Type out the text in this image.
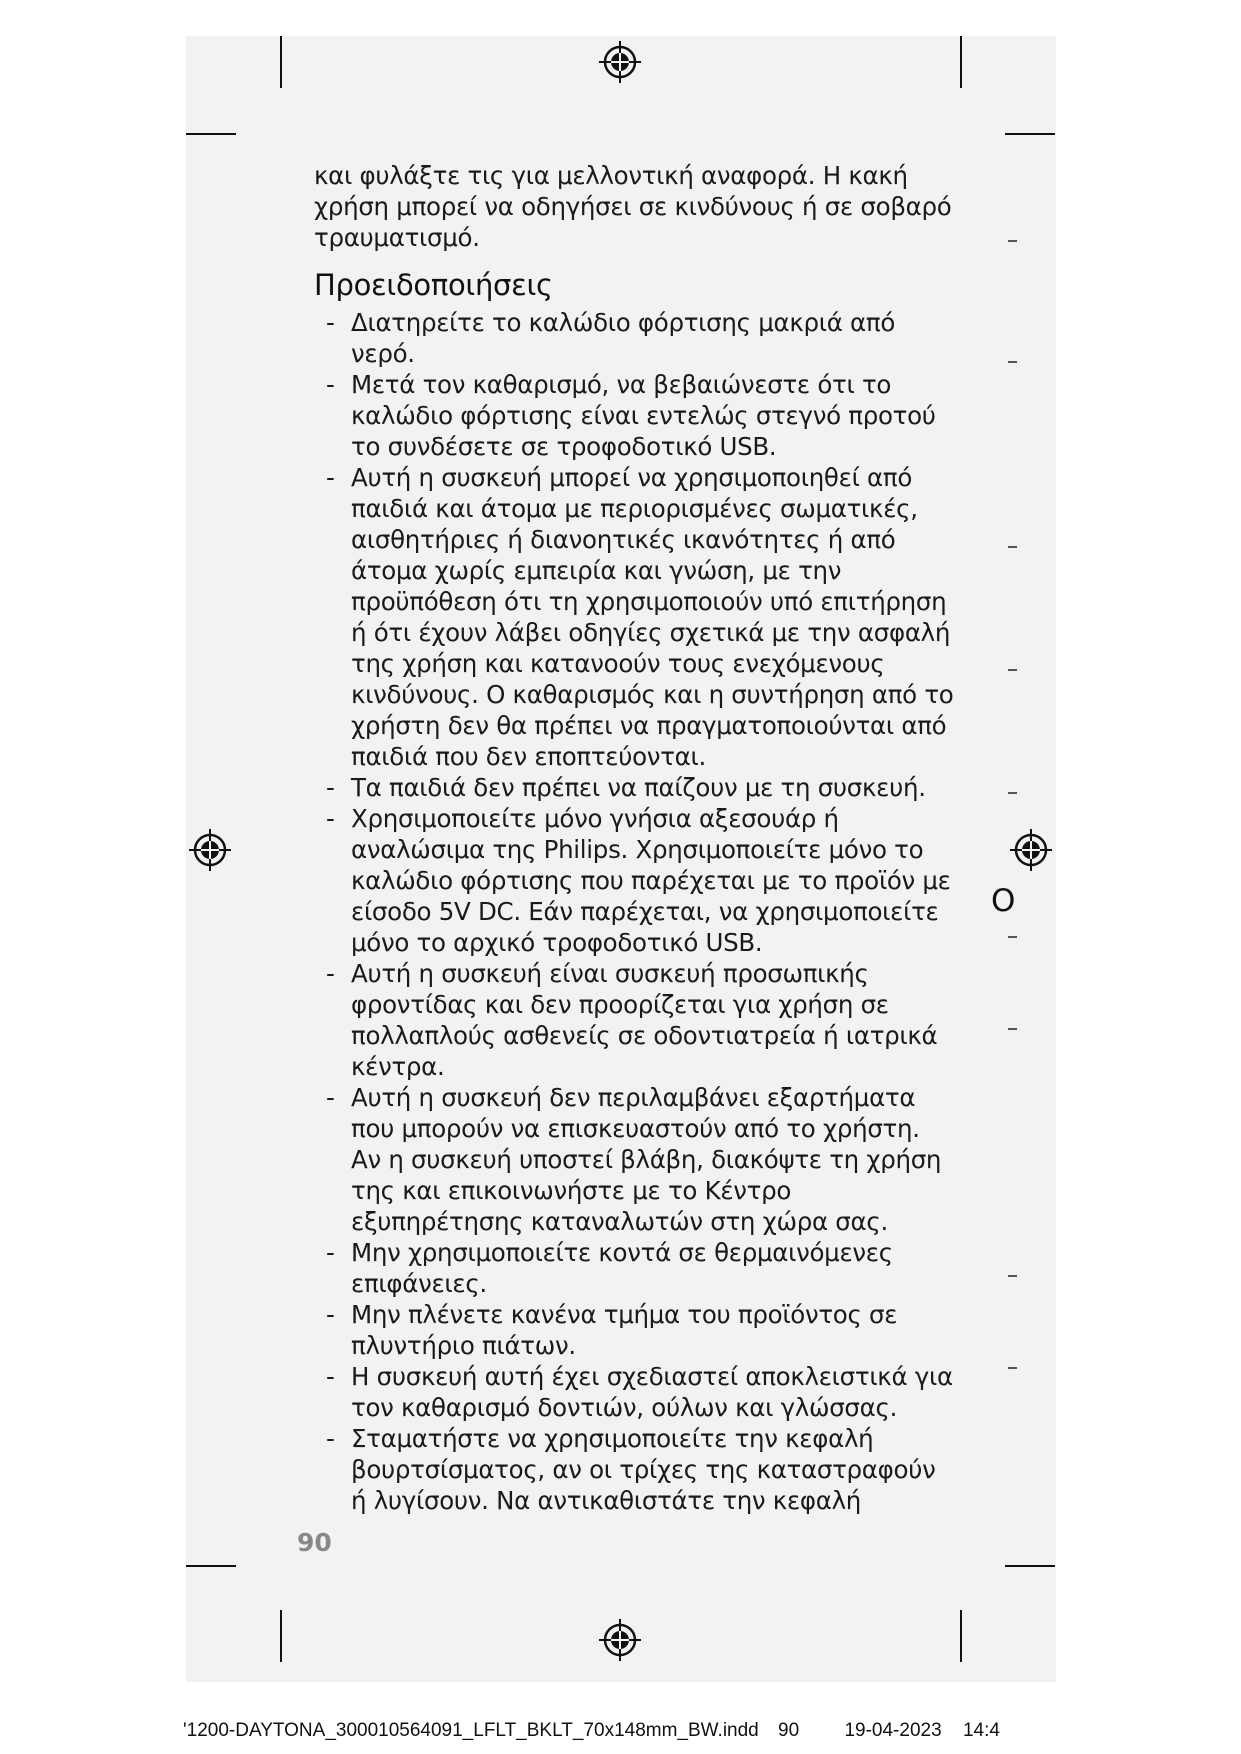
και φυλάξτε τις για μελλοντική αναφορά. Η κακή

χρήση μπορεί να οδηγήσει σε κινδύνους ή σε σοβαρό

τραυματισμό.

Προειδοποιήσεις
- Διατηρείτε το καλώδιο φόρτισης μακριά από νερό.
- Μετά τον καθαρισμό, να βεβαιώνεστε ότι το καλώδιο φόρτισης είναι εντελώς στεγνό προτού το συνδέσετε σε τροφοδοτικό USB.
- Αυτή η συσκευή μπορεί να χρησιμοποιηθεί από παιδιά και άτομα με περιορισμένες σωματικές, αισθητήριες ή διανοητικές ικανότητες ή από άτομα χωρίς εμπειρία και γνώση, με την προϋπόθεση ότι τη χρησιμοποιούν υπό επιτήρηση ή ότι έχουν λάβει οδηγίες σχετικά με την ασφαλή της χρήση και κατανοούν τους ενεχόμενους κινδύνους. Ο καθαρισμός και η συντήρηση από το χρήστη δεν θα πρέπει να πραγματοποιούνται από παιδιά που δεν εποπτεύονται.
- Τα παιδιά δεν πρέπει να παίζουν με τη συσκευή.
- Χρησιμοποιείτε μόνο γνήσια αξεσουάρ ή αναλώσιμα της Philips. Χρησιμοποιείτε μόνο το καλώδιο φόρτισης που παρέχεται με το προϊόν με είσοδο 5V DC. Εάν παρέχεται, να χρησιμοποιείτε μόνο το αρχικό τροφοδοτικό USB.
- Αυτή η συσκευή είναι συσκευή προσωπικής φροντίδας και δεν προορίζεται για χρήση σε πολλαπλούς ασθενείς σε οδοντιατρεία ή ιατρικά κέντρα.
- Αυτή η συσκευή δεν περιλαμβάνει εξαρτήματα που μπορούν να επισκευαστούν από το χρήστη. Αν η συσκευή υποστεί βλάβη, διακόψτε τη χρήση της και επικοινωνήστε με το Κέντρο εξυπηρέτησης καταναλωτών στη χώρα σας.
- Μην χρησιμοποιείτε κοντά σε θερμαινόμενες επιφάνειες.
- Μην πλένετε κανένα τμήμα του προϊόντος σε πλυντήριο πιάτων.
- Η συσκευή αυτή έχει σχεδιαστεί αποκλειστικά για τον καθαρισμό δοντιών, ούλων και γλώσσας.
- Σταματήστε να χρησιμοποιείτε την κεφαλή βουρτσίσματος, αν οι τρίχες της καταστραφούν ή λυγίσουν. Να αντικαθιστάτε την κεφαλή
90
Ο
'1200-DAYTONA_300010564091_LFLT_BKLT_70x148mm_BW.indd 90 19-04-2023 14:4
